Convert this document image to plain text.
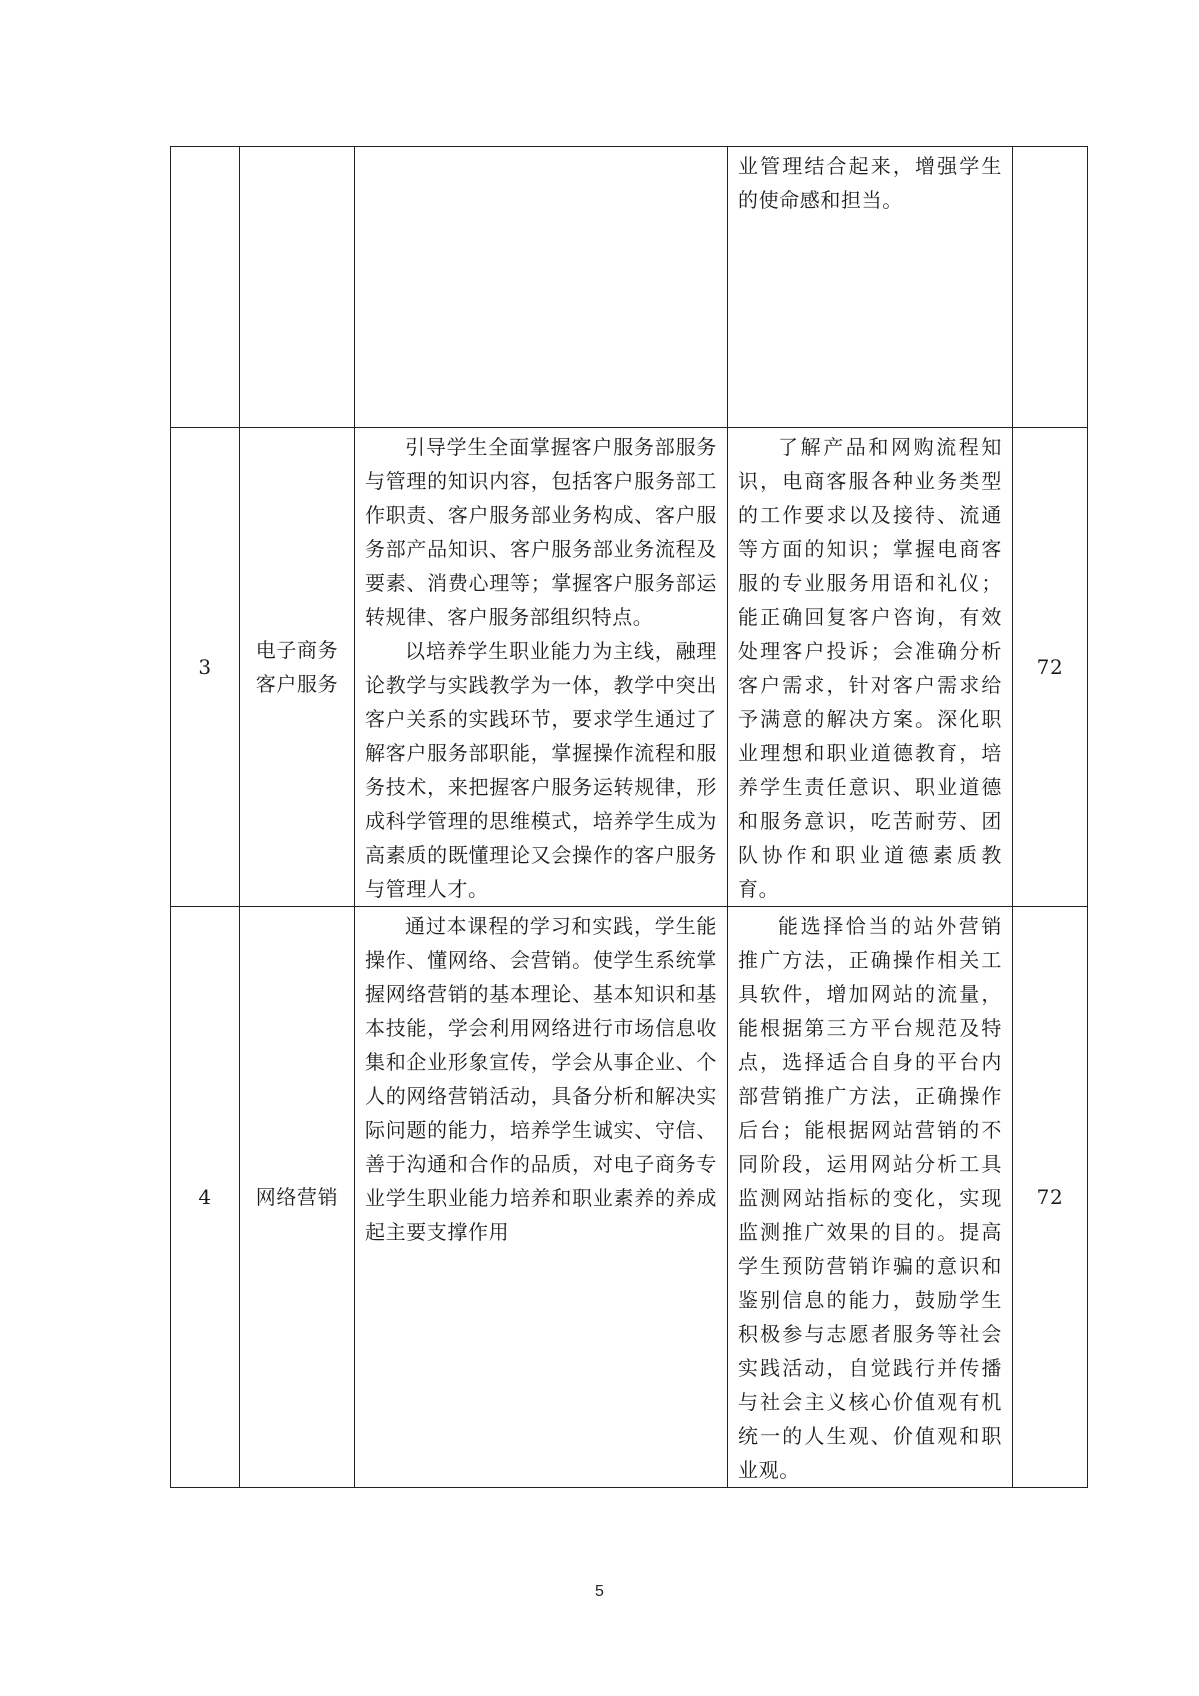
			业管理结合起来，增强学生的使命感和担当。	
3	电子商务客户服务	引导学生全面掌握客户服务部服务与管理的知识内容，包括客户服务部工作职责、客户服务部业务构成、客户服务部产品知识、客户服务部业务流程及要素、消费心理等；掌握客户服务部运转规律、客户服务部组织特点。

以培养学生职业能力为主线，融理论教学与实践教学为一体，教学中突出客户关系的实践环节，要求学生通过了解客户服务部职能，掌握操作流程和服务技术，来把握客户服务运转规律，形成科学管理的思维模式，培养学生成为高素质的既懂理论又会操作的客户服务与管理人才。	了解产品和网购流程知识，电商客服各种业务类型的工作要求以及接待、流通等方面的知识；掌握电商客服的专业服务用语和礼仪；能正确回复客户咨询，有效处理客户投诉；会准确分析客户需求，针对客户需求给予满意的解决方案。深化职业理想和职业道德教育，培养学生责任意识、职业道德和服务意识，吃苦耐劳、团队协作和职业道德素质教育。	72
4	网络营销	通过本课程的学习和实践，学生能操作、懂网络、会营销。使学生系统掌握网络营销的基本理论、基本知识和基本技能，学会利用网络进行市场信息收集和企业形象宣传，学会从事企业、个人的网络营销活动，具备分析和解决实际问题的能力，培养学生诚实、守信、善于沟通和合作的品质，对电子商务专业学生职业能力培养和职业素养的养成起主要支撑作用	能选择恰当的站外营销推广方法，正确操作相关工具软件，增加网站的流量，能根据第三方平台规范及特点，选择适合自身的平台内部营销推广方法，正确操作后台；能根据网站营销的不同阶段，运用网站分析工具监测网站指标的变化，实现监测推广效果的目的。提高学生预防营销诈骗的意识和鉴别信息的能力，鼓励学生积极参与志愿者服务等社会实践活动，自觉践行并传播与社会主义核心价值观有机统一的人生观、价值观和职业观。	72
5
